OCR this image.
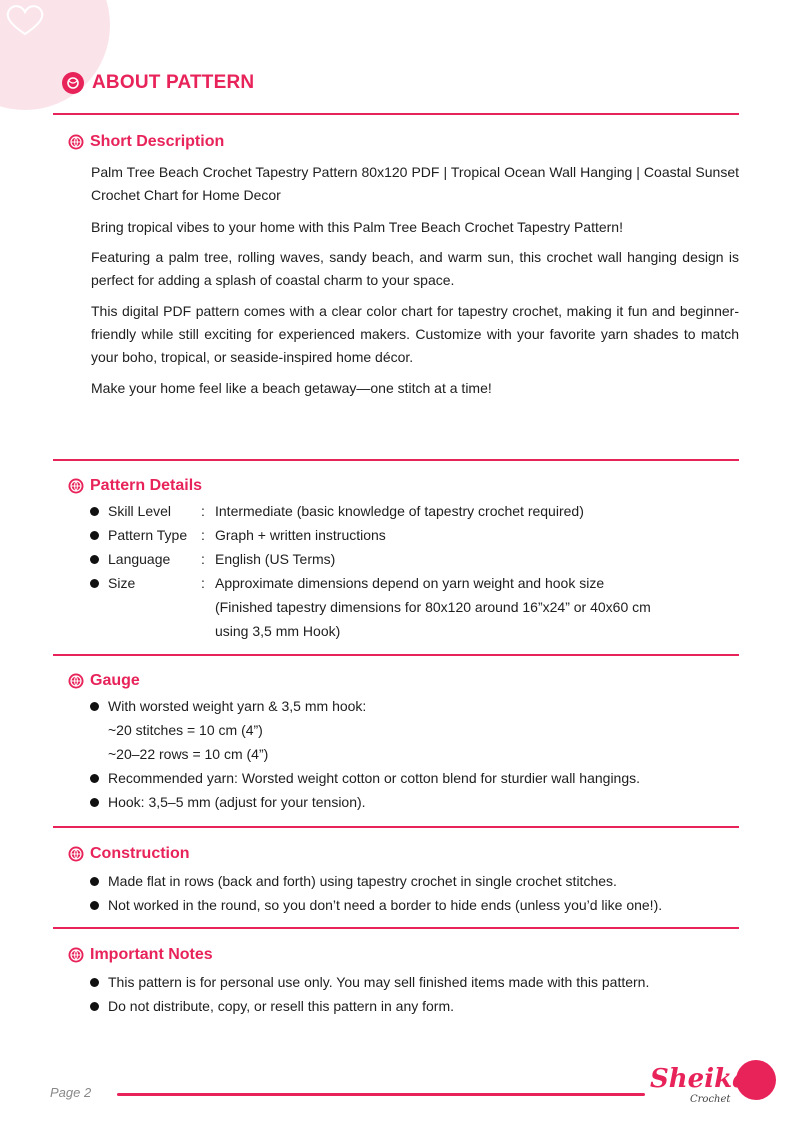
ABOUT PATTERN
Short Description

Palm Tree Beach Crochet Tapestry Pattern 80x120 PDF | Tropical Ocean Wall Hanging | Coastal Sunset Crochet Chart for Home Decor

Bring tropical vibes to your home with this Palm Tree Beach Crochet Tapestry Pattern!

Featuring a palm tree, rolling waves, sandy beach, and warm sun, this crochet wall hanging design is perfect for adding a splash of coastal charm to your space.

This digital PDF pattern comes with a clear color chart for tapestry crochet, making it fun and beginner-friendly while still exciting for experienced makers. Customize with your favorite yarn shades to match your boho, tropical, or seaside-inspired home décor.

Make your home feel like a beach getaway—one stitch at a time!

Pattern Details
Skill Level	: Intermediate (basic knowledge of tapestry crochet required)
Pattern Type : Graph + written instructions
Language	: English (US Terms)
Size	: Approximate dimensions depend on yarn weight and hook size
(Finished tapestry dimensions for 80x120 around 16”x24” or 40x60 cm
using 3,5 mm Hook)
Gauge
With worsted weight yarn & 3,5 mm hook:
~20 stitches = 10 cm (4”)
~20–22 rows = 10 cm (4”)
Recommended yarn: Worsted weight cotton or cotton blend for sturdier wall hangings.
Hook: 3,5–5 mm (adjust for your tension).
Construction
Made flat in rows (back and forth) using tapestry crochet in single crochet stitches.
Not worked in the round, so you don’t need a border to hide ends (unless you’d like one!).
Important Notes
This pattern is for personal use only. You may sell finished items made with this pattern.
Do not distribute, copy, or resell this pattern in any form.
Page 2	Sheika
Crochet
